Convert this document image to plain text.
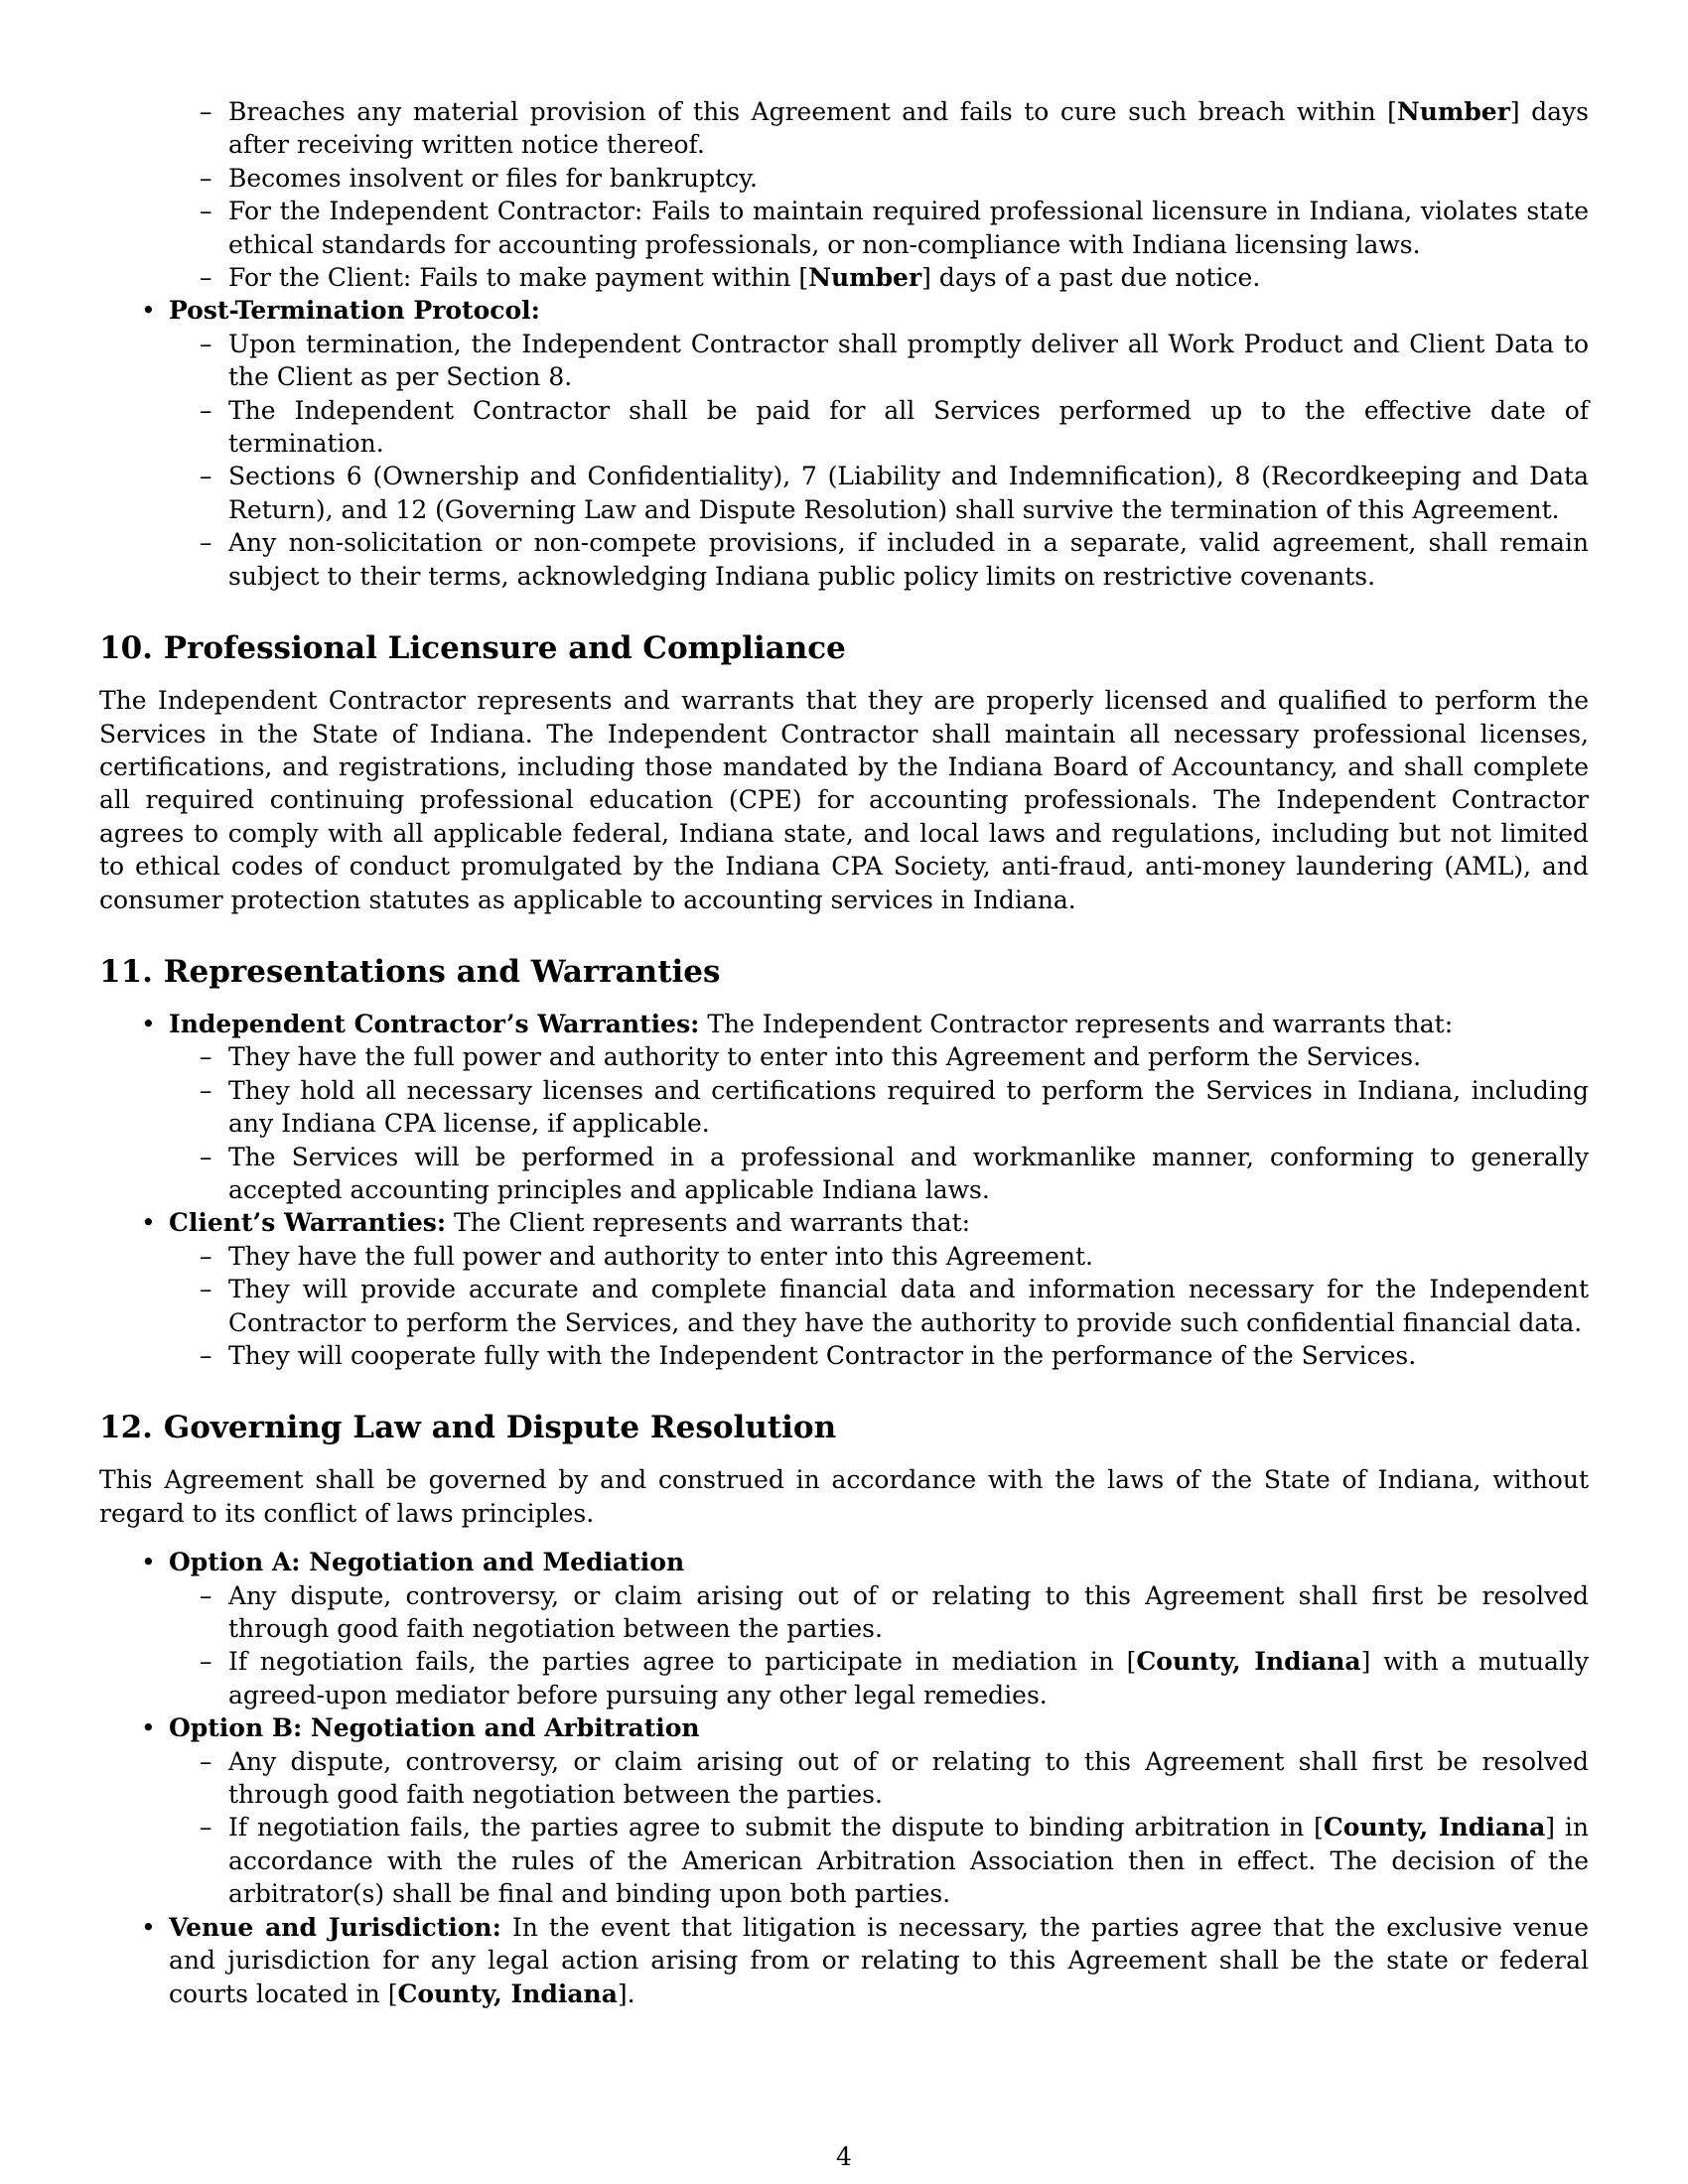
– Breaches any material provision of this Agreement and fails to cure such breach within [Number] days after receiving written notice thereof.
– Becomes insolvent or files for bankruptcy.
– For the Independent Contractor: Fails to maintain required professional licensure in Indiana, violates state ethical standards for accounting professionals, or non-compliance with Indiana licensing laws.
– For the Client: Fails to make payment within [Number] days of a past due notice.
• Post-Termination Protocol:
– Upon termination, the Independent Contractor shall promptly deliver all Work Product and Client Data to the Client as per Section 8.
– The Independent Contractor shall be paid for all Services performed up to the effective date of termination.
– Sections 6 (Ownership and Confidentiality), 7 (Liability and Indemnification), 8 (Recordkeeping and Data Return), and 12 (Governing Law and Dispute Resolution) shall survive the termination of this Agreement.
– Any non-solicitation or non-compete provisions, if included in a separate, valid agreement, shall remain subject to their terms, acknowledging Indiana public policy limits on restrictive covenants.
10. Professional Licensure and Compliance

The Independent Contractor represents and warrants that they are properly licensed and qualified to perform the Services in the State of Indiana. The Independent Contractor shall maintain all necessary professional licenses, certifications, and registrations, including those mandated by the Indiana Board of Accountancy, and shall complete all required continuing professional education (CPE) for accounting professionals. The Independent Contractor agrees to comply with all applicable federal, Indiana state, and local laws and regulations, including but not limited to ethical codes of conduct promulgated by the Indiana CPA Society, anti-fraud, anti-money laundering (AML), and consumer protection statutes as applicable to accounting services in Indiana.

11. Representations and Warranties
• Independent Contractor’s Warranties: The Independent Contractor represents and warrants that:
– They have the full power and authority to enter into this Agreement and perform the Services.
– They hold all necessary licenses and certifications required to perform the Services in Indiana, including any Indiana CPA license, if applicable.
– The Services will be performed in a professional and workmanlike manner, conforming to generally accepted accounting principles and applicable Indiana laws.
• Client’s Warranties: The Client represents and warrants that:
– They have the full power and authority to enter into this Agreement.
– They will provide accurate and complete financial data and information necessary for the Independent Contractor to perform the Services, and they have the authority to provide such confidential financial data.
– They will cooperate fully with the Independent Contractor in the performance of the Services.
12. Governing Law and Dispute Resolution

This Agreement shall be governed by and construed in accordance with the laws of the State of Indiana, without regard to its conflict of laws principles.

• Option A: Negotiation and Mediation
– Any dispute, controversy, or claim arising out of or relating to this Agreement shall first be resolved through good faith negotiation between the parties.
– If negotiation fails, the parties agree to participate in mediation in [County, Indiana] with a mutually agreed-upon mediator before pursuing any other legal remedies.
• Option B: Negotiation and Arbitration
– Any dispute, controversy, or claim arising out of or relating to this Agreement shall first be resolved through good faith negotiation between the parties.
– If negotiation fails, the parties agree to submit the dispute to binding arbitration in [County, Indiana] in accordance with the rules of the American Arbitration Association then in effect. The decision of the arbitrator(s) shall be final and binding upon both parties.
• Venue and Jurisdiction: In the event that litigation is necessary, the parties agree that the exclusive venue and jurisdiction for any legal action arising from or relating to this Agreement shall be the state or federal courts located in [County, Indiana].
4
